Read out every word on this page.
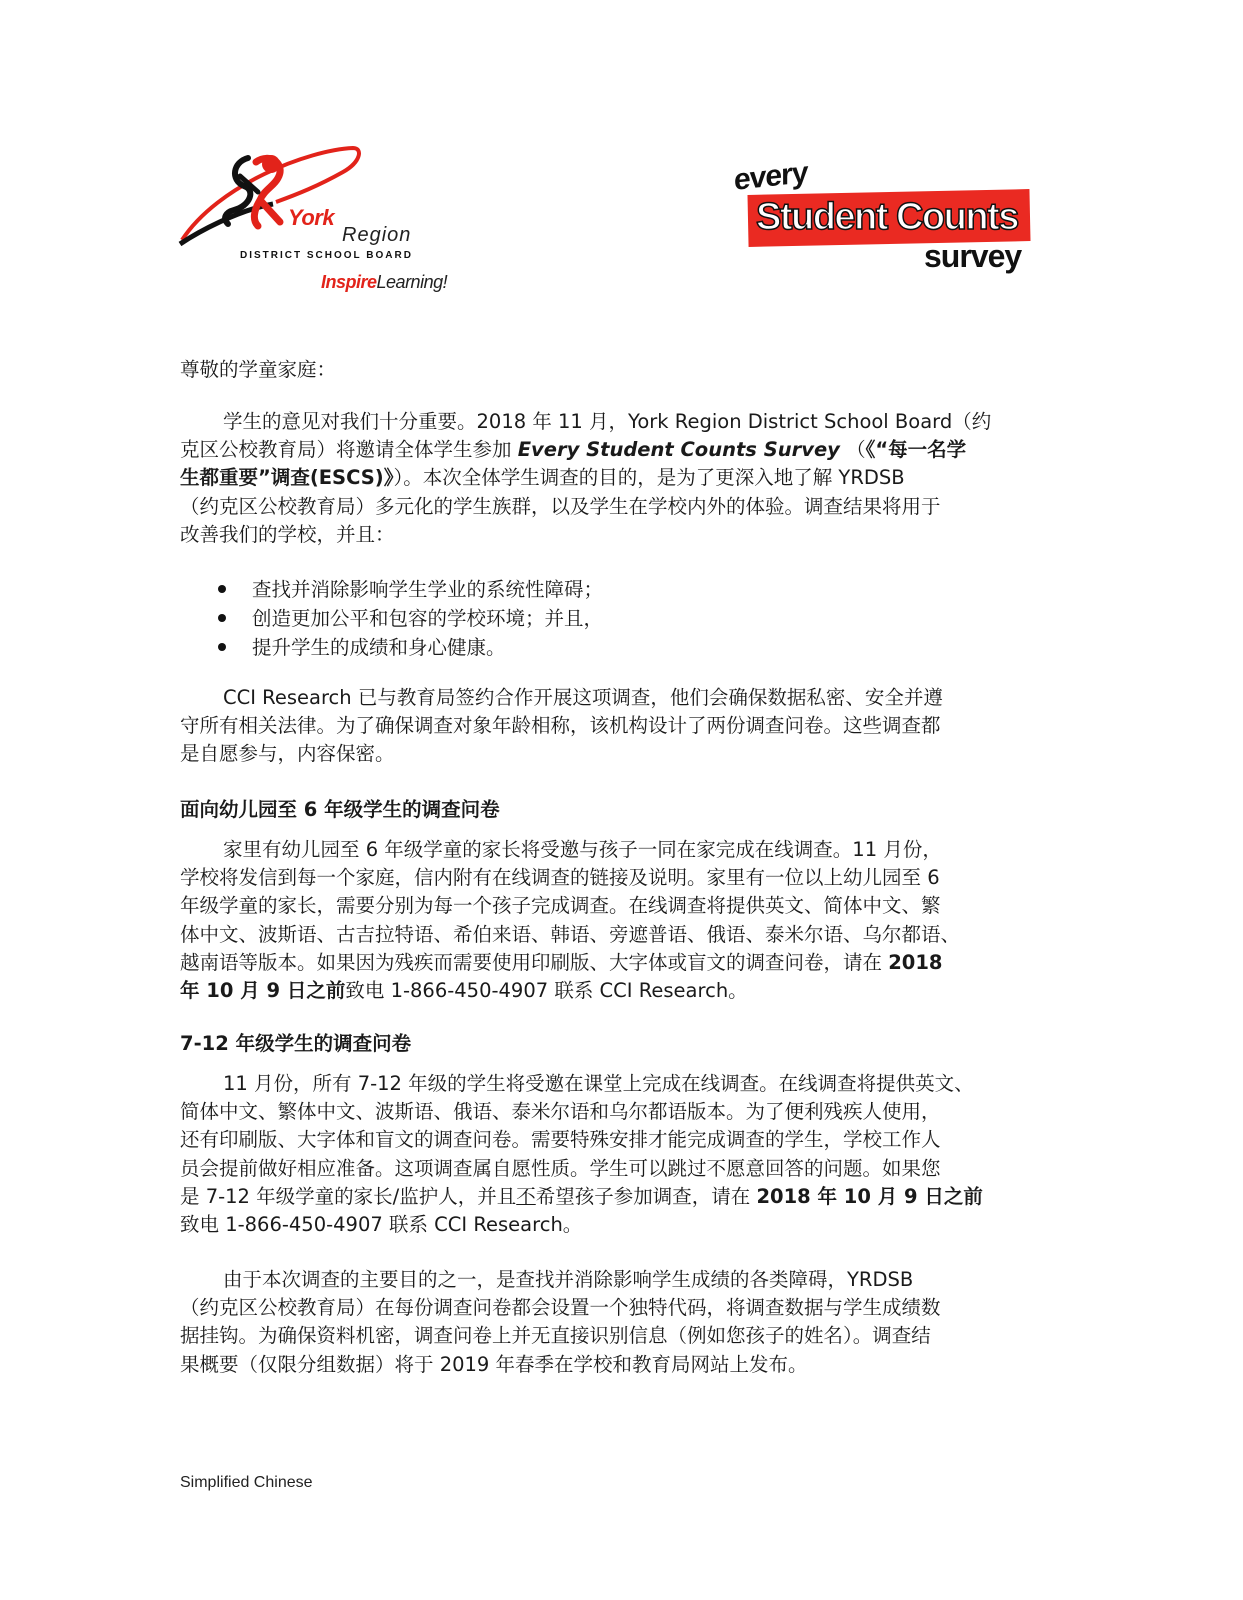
York
Region
DISTRICT SCHOOL BOARD
InspireLearning!
every
Student Counts
survey
尊敬的学童家庭：
学生的意见对我们十分重要。2018 年 11 月，York Region District School Board（约
克区公校教育局）将邀请全体学生参加 Every Student Counts Survey （《“每一名学
生都重要”调查(ESCS)》）。本次全体学生调查的目的，是为了更深入地了解 YRDSB
（约克区公校教育局）多元化的学生族群，以及学生在学校内外的体验。调查结果将用于
改善我们的学校，并且：
查找并消除影响学生学业的系统性障碍；
创造更加公平和包容的学校环境；并且，
提升学生的成绩和身心健康。
CCI Research 已与教育局签约合作开展这项调查，他们会确保数据私密、安全并遵
守所有相关法律。为了确保调查对象年龄相称，该机构设计了两份调查问卷。这些调查都
是自愿参与，内容保密。
面向幼儿园至 6 年级学生的调查问卷
家里有幼儿园至 6 年级学童的家长将受邀与孩子一同在家完成在线调查。11 月份，
学校将发信到每一个家庭，信内附有在线调查的链接及说明。家里有一位以上幼儿园至 6
年级学童的家长，需要分别为每一个孩子完成调查。在线调查将提供英文、简体中文、繁
体中文、波斯语、古吉拉特语、希伯来语、韩语、旁遮普语、俄语、泰米尔语、乌尔都语、
越南语等版本。如果因为残疾而需要使用印刷版、大字体或盲文的调查问卷，请在 2018
年 10 月 9 日之前致电 1-866-450-4907 联系 CCI Research。
7-12 年级学生的调查问卷
11 月份，所有 7-12 年级的学生将受邀在课堂上完成在线调查。在线调查将提供英文、
简体中文、繁体中文、波斯语、俄语、泰米尔语和乌尔都语版本。为了便利残疾人使用，
还有印刷版、大字体和盲文的调查问卷。需要特殊安排才能完成调查的学生，学校工作人
员会提前做好相应准备。这项调查属自愿性质。学生可以跳过不愿意回答的问题。如果您
是 7-12 年级学童的家长/监护人，并且不希望孩子参加调查，请在 2018 年 10 月 9 日之前
致电 1-866-450-4907 联系 CCI Research。
由于本次调查的主要目的之一，是查找并消除影响学生成绩的各类障碍，YRDSB
（约克区公校教育局）在每份调查问卷都会设置一个独特代码，将调查数据与学生成绩数
据挂钩。为确保资料机密，调查问卷上并无直接识别信息（例如您孩子的姓名）。调查结
果概要（仅限分组数据）将于 2019 年春季在学校和教育局网站上发布。
Simplified Chinese
